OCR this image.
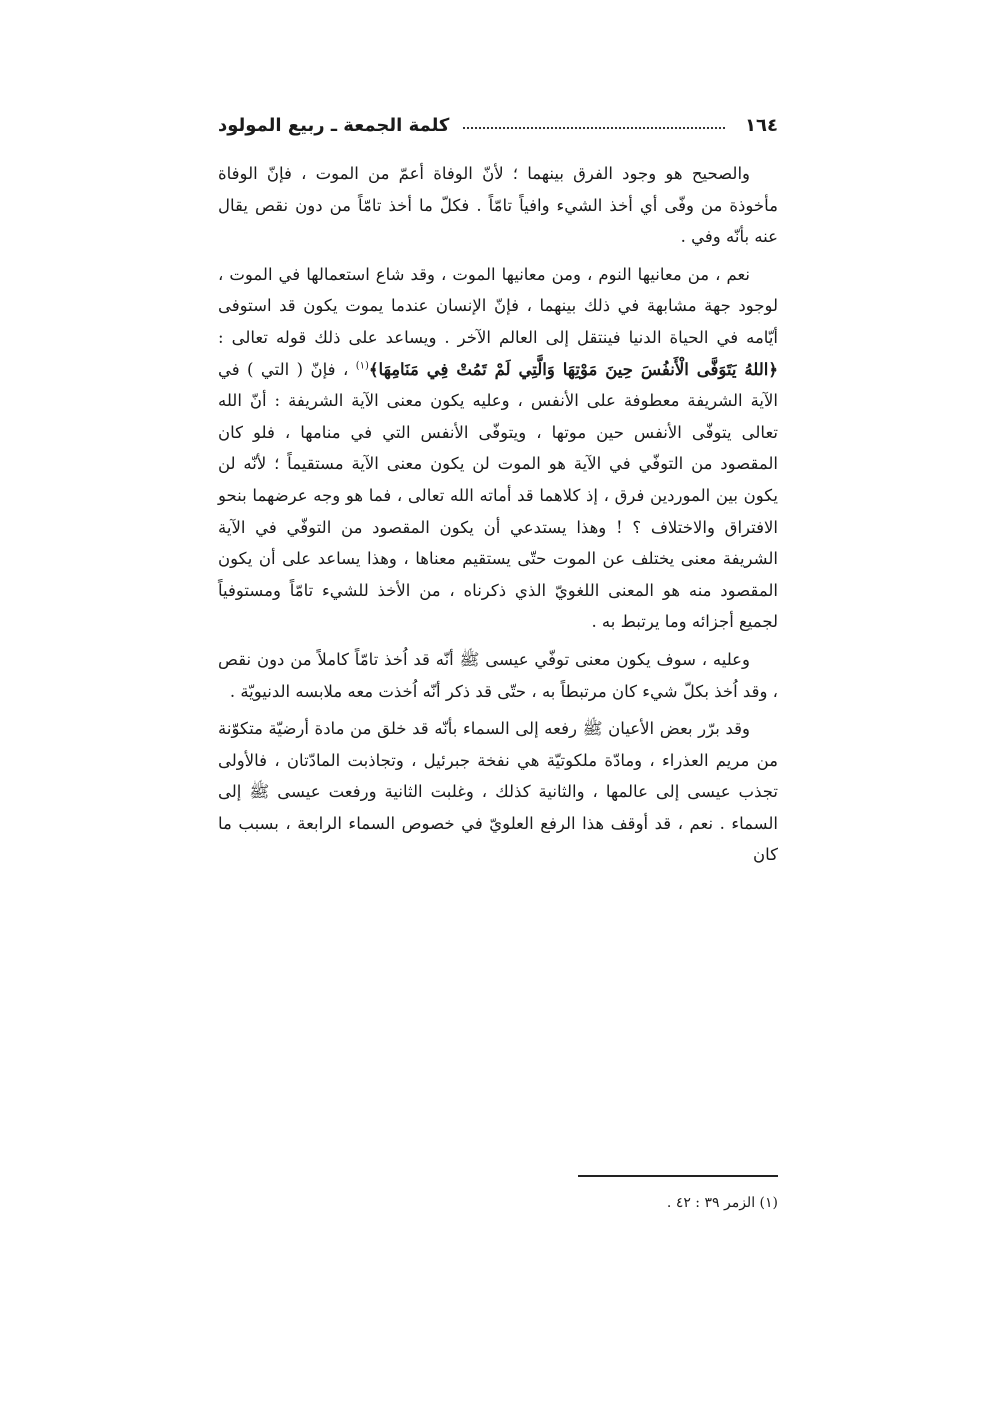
١٦٤
كلمة الجمعة ـ ربيع المولود

والصحيح هو وجود الفرق بينهما ؛ لأنّ الوفاة أعمّ من الموت ، فإنّ الوفاة مأخوذة من وفّى أي أخذ الشيء وافياً تامّاً . فكلّ ما أخذ تامّاً من دون نقص يقال عنه بأنّه وفي .

نعم ، من معانيها النوم ، ومن معانيها الموت ، وقد شاع استعمالها في الموت ، لوجود جهة مشابهة في ذلك بينهما ، فإنّ الإنسان عندما يموت يكون قد استوفى أيّامه في الحياة الدنيا فينتقل إلى العالم الآخر . ويساعد على ذلك قوله تعالى : ﴿اللهُ يَتَوَفَّى الْأَنفُسَ حِينَ مَوْتِهَا وَالَّتِي لَمْ تَمُتْ فِي مَنَامِهَا﴾$^{(١)}$ ، فإنّ ( التي ) في الآية الشريفة معطوفة على الأنفس ، وعليه يكون معنى الآية الشريفة : أنّ الله تعالى يتوفّى الأنفس حين موتها ، ويتوفّى الأنفس التي في منامها ، فلو كان المقصود من التوفّي في الآية هو الموت لن يكون معنى الآية مستقيماً ؛ لأنّه لن يكون بين الموردين فرق ، إذ كلاهما قد أماته الله تعالى ، فما هو وجه عرضهما بنحو الافتراق والاختلاف ؟ ! وهذا يستدعي أن يكون المقصود من التوفّي في الآية الشريفة معنى يختلف عن الموت حتّى يستقيم معناها ، وهذا يساعد على أن يكون المقصود منه هو المعنى اللغويّ الذي ذكرناه ، من الأخذ للشيء تامّاً ومستوفياً لجميع أجزائه وما يرتبط به .

وعليه ، سوف يكون معنى توفّي عيسى ﷺ أنّه قد اُخذ تامّاً كاملاً من دون نقص ، وقد اُخذ بكلّ شيء كان مرتبطاً به ، حتّى قد ذكر أنّه اُخذت معه ملابسه الدنيويّة .

وقد برّر بعض الأعيان ﷺ رفعه إلى السماء بأنّه قد خلق من مادة أرضيّة متكوّنة من مريم العذراء ، ومادّة ملكوتيّة هي نفخة جبرئيل ، وتجاذبت المادّتان ، فالأولى تجذب عيسى إلى عالمها ، والثانية كذلك ، وغلبت الثانية ورفعت عيسى ﷺ إلى السماء . نعم ، قد أوقف هذا الرفع العلويّ في خصوص السماء الرابعة ، بسبب ما كان

(١) الزمر ٣٩ : ٤٢ .
